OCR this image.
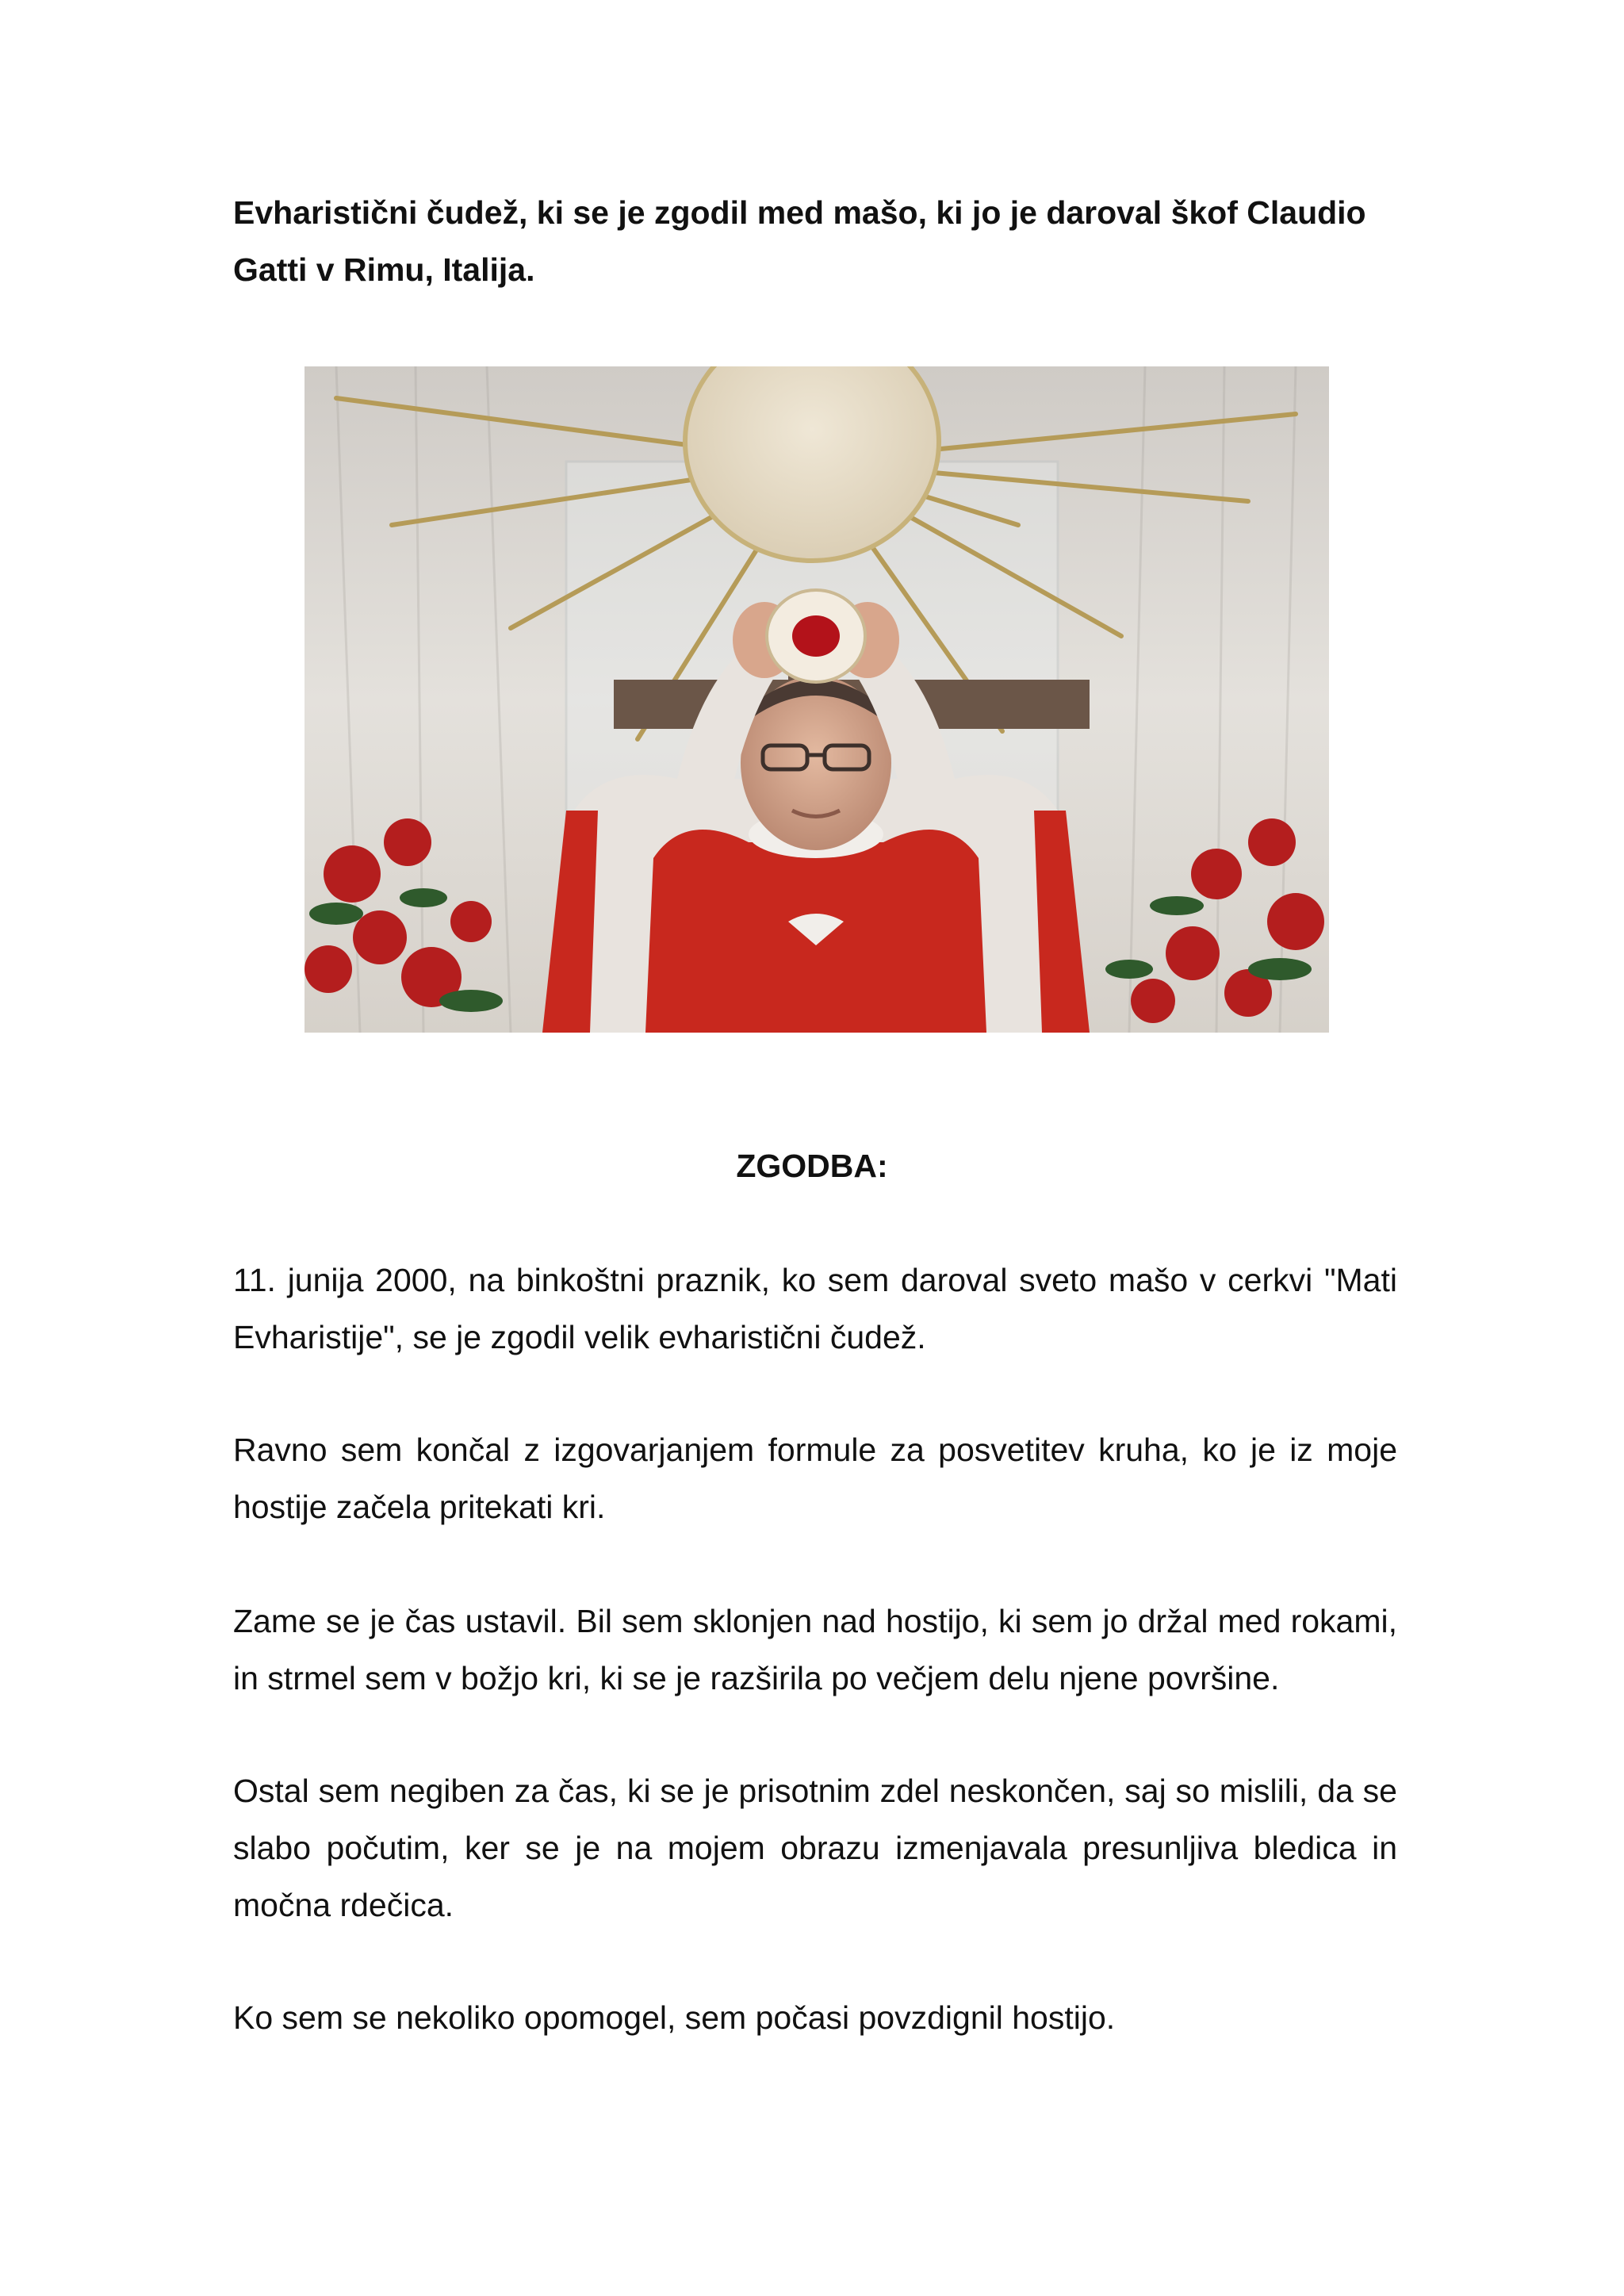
Evharistični čudež, ki se je zgodil med mašo, ki jo je daroval škof Claudio Gatti v Rimu, Italija.

ZGODBA:

11. junija 2000, na binkoštni praznik, ko sem daroval sveto mašo v cerkvi "Mati Evharistije", se je zgodil velik evharistični čudež.

Ravno sem končal z izgovarjanjem formule za posvetitev kruha, ko je iz moje hostije začela pritekati kri.

Zame se je čas ustavil. Bil sem sklonjen nad hostijo, ki sem jo držal med rokami, in strmel sem v božjo kri, ki se je razširila po večjem delu njene površine.

Ostal sem negiben za čas, ki se je prisotnim zdel neskončen, saj so mislili, da se slabo počutim, ker se je na mojem obrazu izmenjavala presunljiva bledica in močna rdečica.

Ko sem se nekoliko opomogel, sem počasi povzdignil hostijo.
